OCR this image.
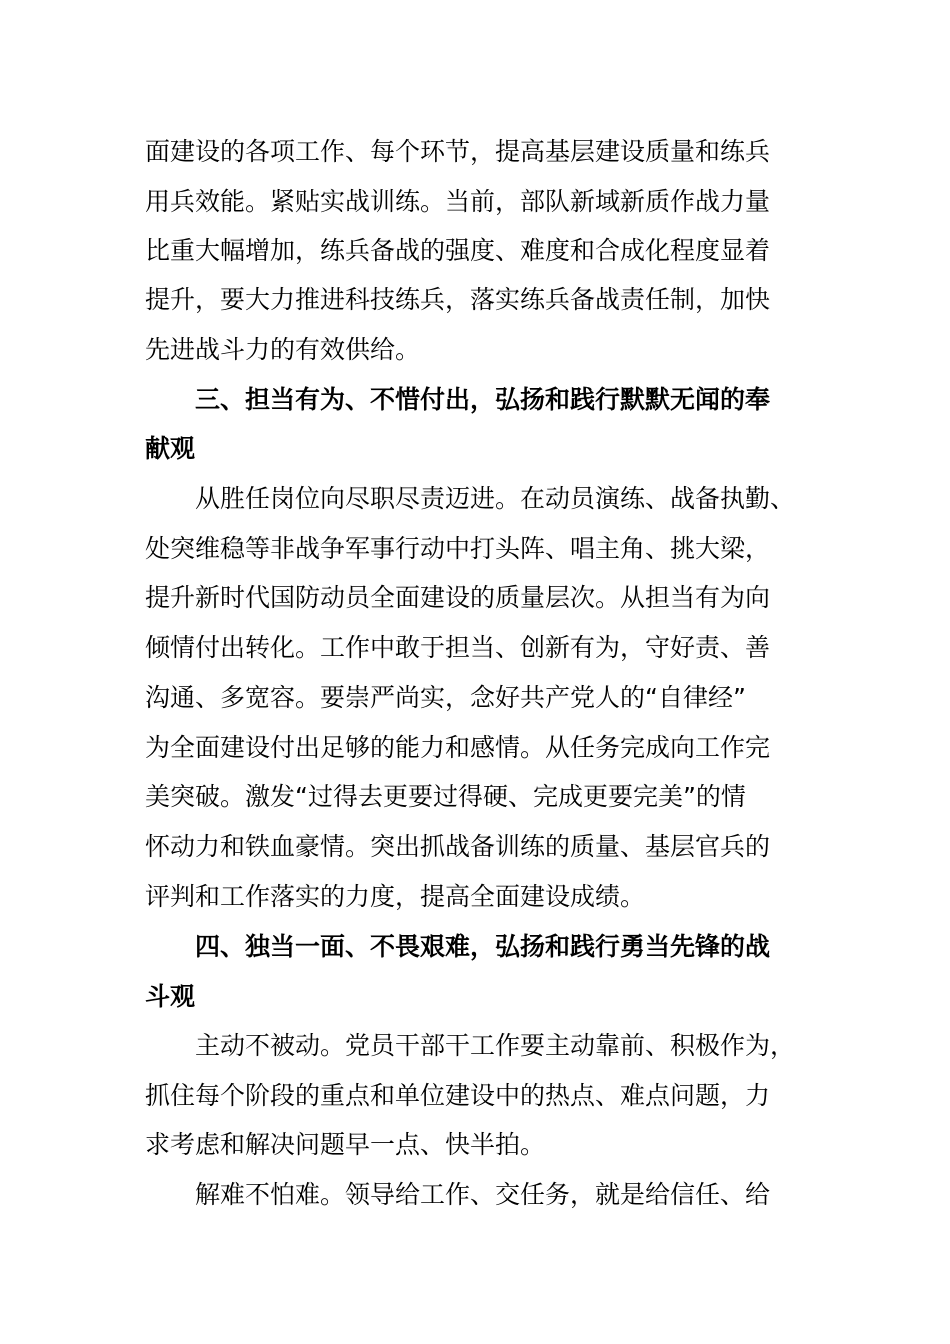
面建设的各项工作、每个环节，提高基层建设质量和练兵
用兵效能。紧贴实战训练。当前，部队新域新质作战力量
比重大幅增加，练兵备战的强度、难度和合成化程度显着
提升，要大力推进科技练兵，落实练兵备战责任制，加快
先进战斗力的有效供给。
三、担当有为、不惜付出，弘扬和践行默默无闻的奉
献观
从胜任岗位向尽职尽责迈进。在动员演练、战备执勤、
处突维稳等非战争军事行动中打头阵、唱主角、挑大梁，
提升新时代国防动员全面建设的质量层次。从担当有为向
倾情付出转化。工作中敢于担当、创新有为，守好责、善
沟通、多宽容。要崇严尚实，念好共产党人的“自律经”
为全面建设付出足够的能力和感情。从任务完成向工作完
美突破。激发“过得去更要过得硬、完成更要完美”的情
怀动力和铁血豪情。突出抓战备训练的质量、基层官兵的
评判和工作落实的力度，提高全面建设成绩。
四、独当一面、不畏艰难，弘扬和践行勇当先锋的战
斗观
主动不被动。党员干部干工作要主动靠前、积极作为，
抓住每个阶段的重点和单位建设中的热点、难点问题，力
求考虑和解决问题早一点、快半拍。
解难不怕难。领导给工作、交任务，就是给信任、给
